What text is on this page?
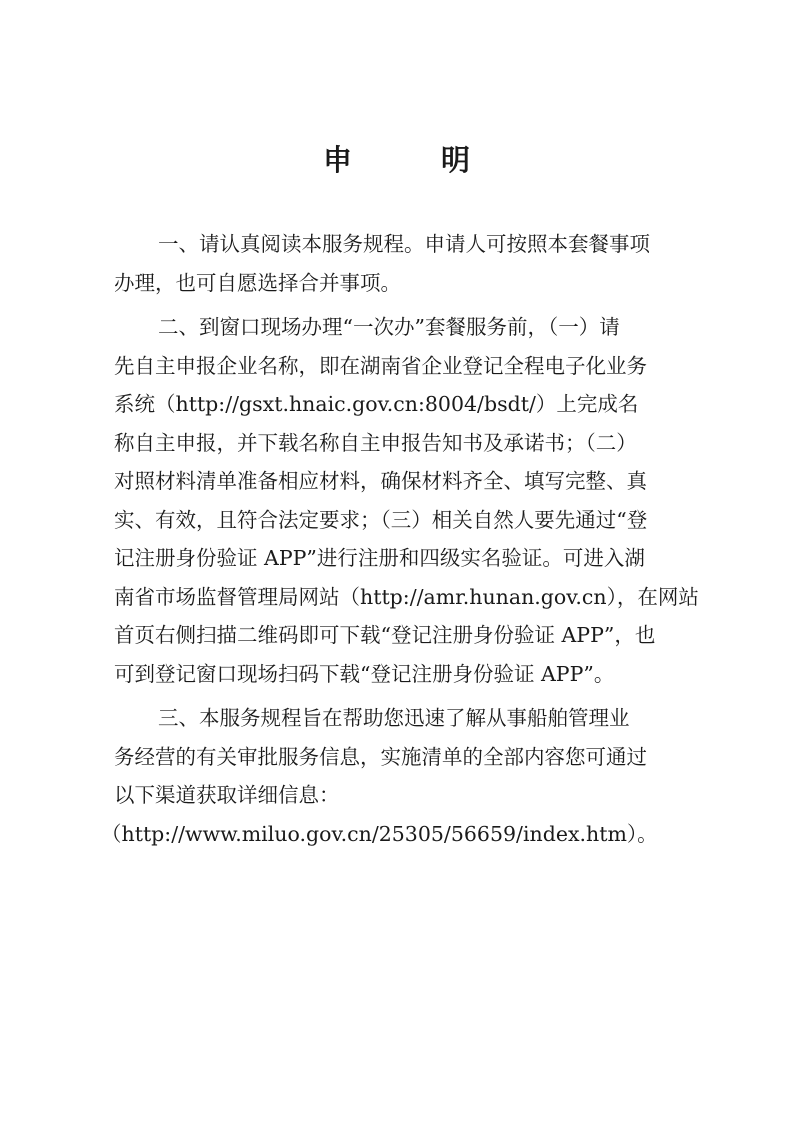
申　明
一、请认真阅读本服务规程。申请人可按照本套餐事项
办理，也可自愿选择合并事项。
二、到窗口现场办理“一次办”套餐服务前，（一）请
先自主申报企业名称，即在湖南省企业登记全程电子化业务
系统（http://gsxt.hnaic.gov.cn:8004/bsdt/）上完成名
称自主申报，并下载名称自主申报告知书及承诺书；（二）
对照材料清单准备相应材料，确保材料齐全、填写完整、真
实、有效，且符合法定要求；（三）相关自然人要先通过“登
记注册身份验证 APP”进行注册和四级实名验证。可进入湖
南省市场监督管理局网站（http://amr.hunan.gov.cn），在网站
首页右侧扫描二维码即可下载“登记注册身份验证 APP”，也
可到登记窗口现场扫码下载“登记注册身份验证 APP”。
三、本服务规程旨在帮助您迅速了解从事船舶管理业
务经营的有关审批服务信息，实施清单的全部内容您可通过
以下渠道获取详细信息：
（http://www.miluo.gov.cn/25305/56659/index.htm）。
